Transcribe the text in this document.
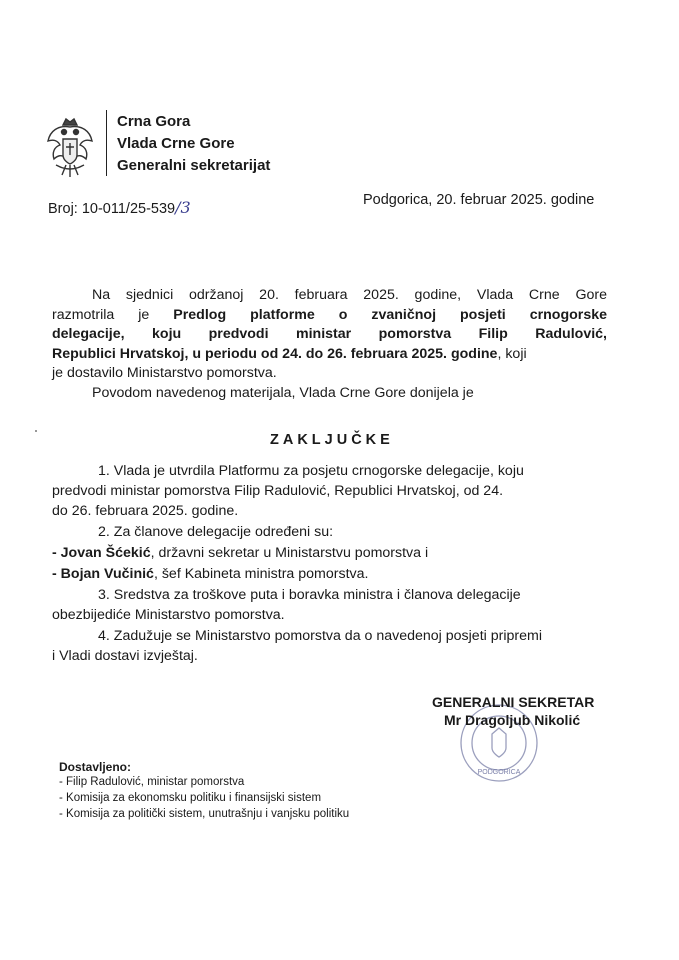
Crna Gora
Vlada Crne Gore
Generalni sekretarijat
Broj: 10-011/25-539/3	Podgorica, 20. februar 2025. godine
Na sjednici održanoj 20. februara 2025. godine, Vlada Crne Gore
razmotrila je Predlog platforme o zvaničnoj posjeti crnogorske
delegacije, koju predvodi ministar pomorstva Filip Radulović,
Republici Hrvatskoj, u periodu od 24. do 26. februara 2025. godine, koji
je dostavilo Ministarstvo pomorstva.
Povodom navedenog materijala, Vlada Crne Gore donijela je
ZAKLJUČKE
1. Vlada je utvrdila Platformu za posjetu crnogorske delegacije, koju
predvodi ministar pomorstva Filip Radulović, Republici Hrvatskoj, od 24.
do 26. februara 2025. godine.
2. Za članove delegacije određeni su:
- Jovan Šćekić, državni sekretar u Ministarstvu pomorstva i
- Bojan Vučinić, šef Kabineta ministra pomorstva.
3. Sredstva za troškove puta i boravka ministra i članova delegacije
obezbijediće Ministarstvo pomorstva.
4. Zadužuje se Ministarstvo pomorstva da o navedenoj posjeti pripremi
i Vladi dostavi izvještaj.
PODGORICA
GENERALNI SEKRETAR
Mr Dragoljub Nikolić
Dostavljeno:
- Filip Radulović, ministar pomorstva
- Komisija za ekonomsku politiku i finansijski sistem
- Komisija za politički sistem, unutrašnju i vanjsku politiku
